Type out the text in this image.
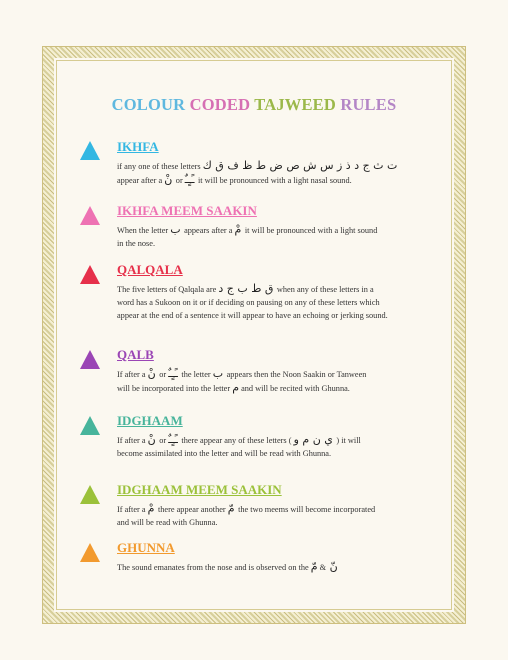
COLOUR CODED TAJWEED RULES
IKHFA
if any one of these letters ت ث ج د ذ ز س ش ص ض ط ظ ف ق ك
appear after a نْ or ـًـٍـٌ it will be pronounced with a light nasal sound.
IKHFA MEEM SAAKIN
When the letter ب appears after a مْ it will be pronounced with a light sound
in the nose.
QALQALA
The five letters of Qalqala are ق ط ب ج د when any of these letters in a
word has a Sukoon on it or if deciding on pausing on any of these letters which
appear at the end of a sentence it will appear to have an echoing or jerking sound.
QALB
If after a نْ or ـًـٍـٌ the letter ب appears then the Noon Saakin or Tanween
will be incorporated into the letter م and will be recited with Ghunna.
IDGHAAM
If after a نْ or ـًـٍـٌ there appear any of these letters ( ي ن م و ) it will
become assimilated into the letter and will be read with Ghunna.
IDGHAAM MEEM SAAKIN
If after a مْ there appear another مّ the two meems will become incorporated
and will be read with Ghunna.
GHUNNA
The sound emanates from the nose and is observed on the نّ & مّ
